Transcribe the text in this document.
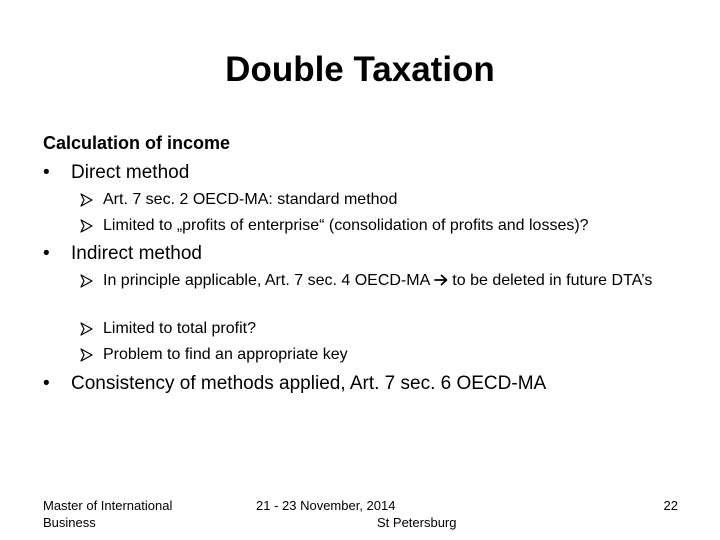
Double Taxation
Calculation of income
• Direct method
Art. 7 sec. 2 OECD-MA: standard method
Limited to „profits of enterprise“ (consolidation of profits and losses)?
• Indirect method
In principle applicable, Art. 7 sec. 4 OECD-MA to be deleted in future DTA’s
Limited to total profit?
Problem to find an appropriate key
• Consistency of methods applied, Art. 7 sec. 6 OECD-MA
Master of International
Business
21 - 23 November, 2014
St Petersburg
22
